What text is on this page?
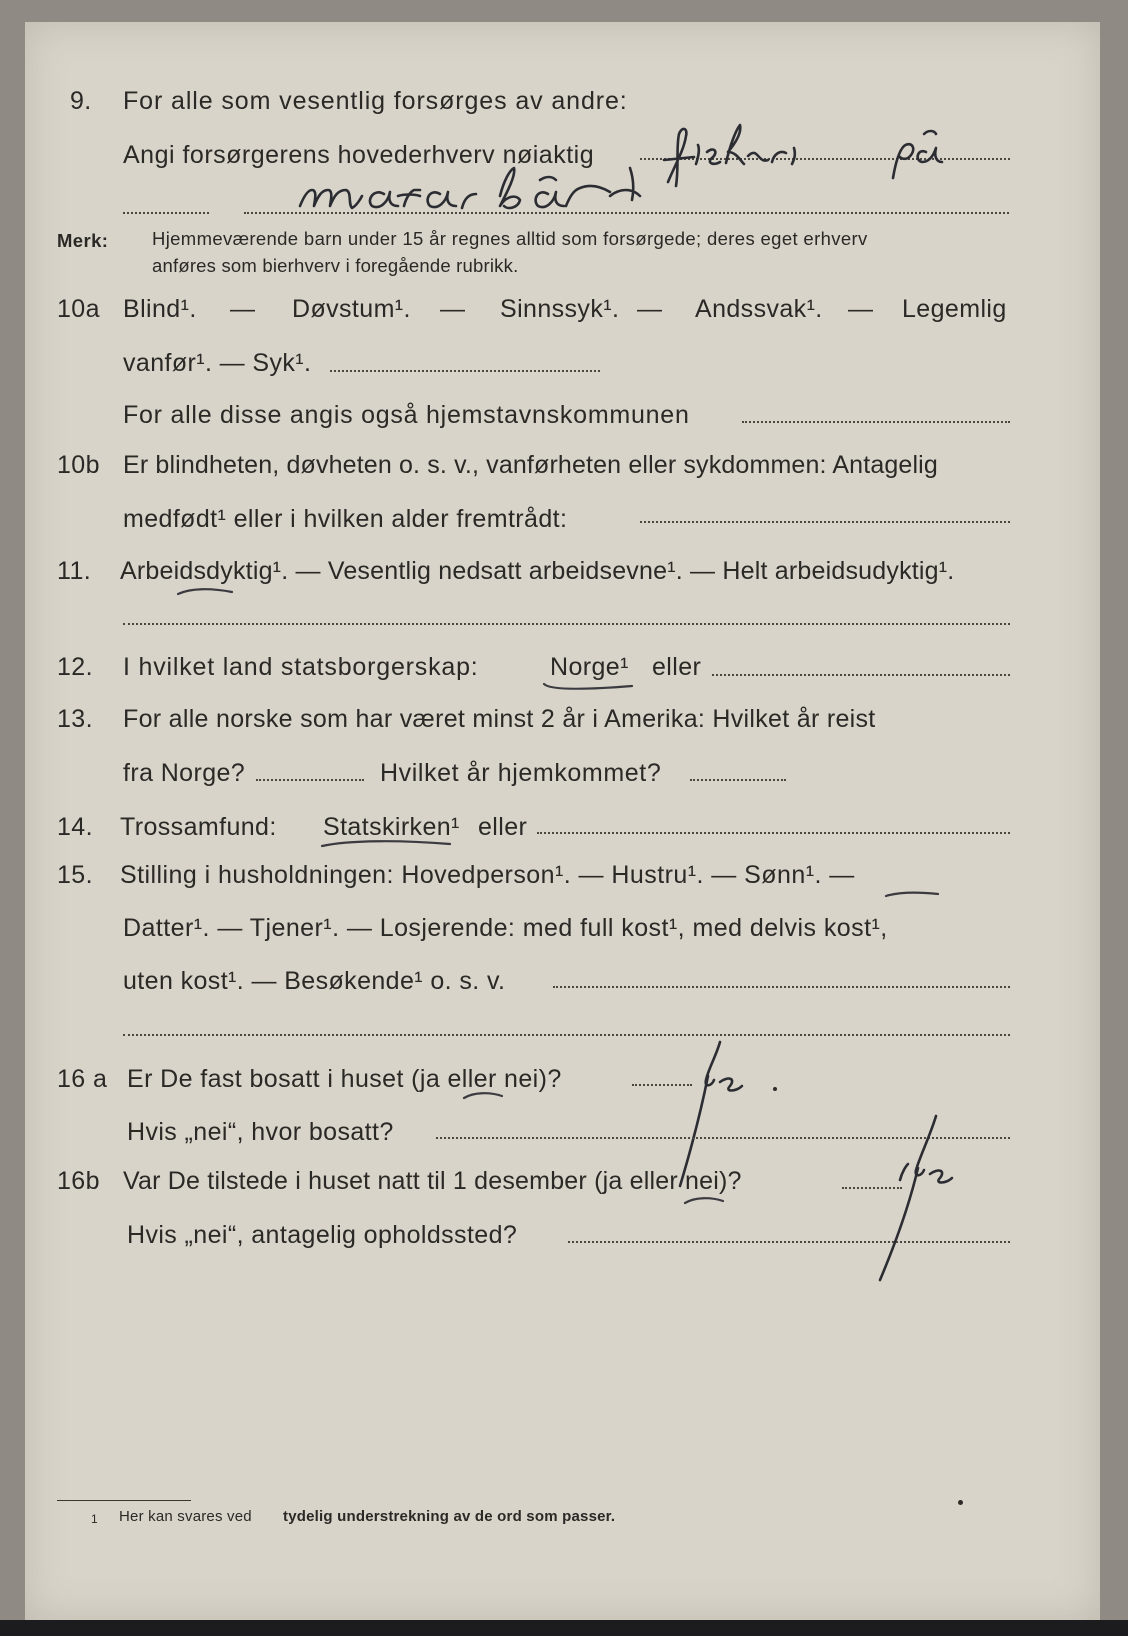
9. For alle som vesentlig forsørges av andre:
Angi forsørgerens hovederhverv nøiaktig
Merk: Hjemmeværende barn under 15 år regnes alltid som forsørgede; deres eget erhverv
anføres som bierhverv i foregående rubrikk.
10a Blind¹. — Døvstum¹. — Sinnssyk¹. — Andssvak¹. — Legemlig
vanfør¹. — Syk¹.
For alle disse angis også hjemstavnskommunen
10b Er blindheten, døvheten o. s. v., vanførheten eller sykdommen: Antagelig
medfødt¹ eller i hvilken alder fremtrådt:
11. Arbeidsdyktig¹. — Vesentlig nedsatt arbeidsevne¹. — Helt arbeidsudyktig¹.
12. I hvilket land statsborgerskap:	Norge¹ eller
13. For alle norske som har været minst 2 år i Amerika: Hvilket år reist
fra Norge?	Hvilket år hjemkommet?
14. Trossamfund: Statskirken¹ eller
15. Stilling i husholdningen: Hovedperson¹. — Hustru¹. — Sønn¹. —
Datter¹. — Tjener¹. — Losjerende: med full kost¹, med delvis kost¹,
uten kost¹. — Besøkende¹ o. s. v.
16 a Er De fast bosatt i huset (ja eller nei)?
Hvis „nei“, hvor bosatt?
16b Var De tilstede i huset natt til 1 desember (ja eller nei)?
Hvis „nei“, antagelig opholdssted?
1 Her kan svares ved tydelig understrekning av de ord som passer.
